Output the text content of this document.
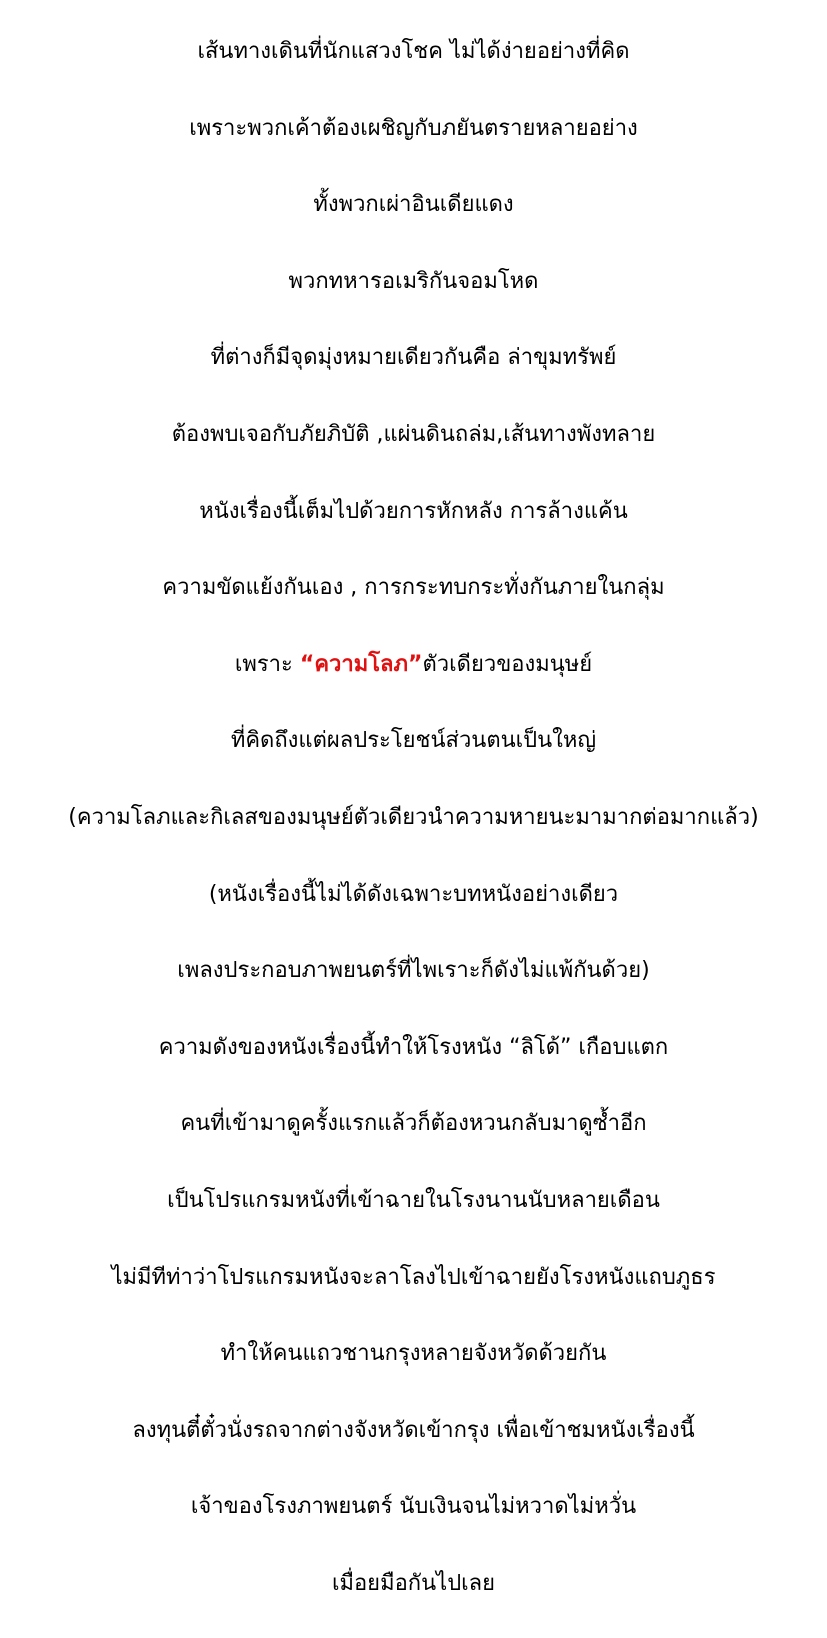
เส้นทางเดินที่นักแสวงโชค ไม่ได้ง่ายอย่างที่คิด

เพราะพวกเค้าต้องเผชิญกับภยันตรายหลายอย่าง

ทั้งพวกเผ่าอินเดียแดง

พวกทหารอเมริกันจอมโหด

ที่ต่างก็มีจุดมุ่งหมายเดียวกันคือ ล่าขุมทรัพย์

ต้องพบเจอกับภัยภิบัติ ,แผ่นดินถล่ม,เส้นทางพังทลาย

หนังเรื่องนี้เต็มไปด้วยการหักหลัง การล้างแค้น

ความขัดแย้งกันเอง , การกระทบกระทั่งกันภายในกลุ่ม

เพราะ “ความโลภ”ตัวเดียวของมนุษย์

ที่คิดถึงแต่ผลประโยชน์ส่วนตนเป็นใหญ่

(ความโลภและกิเลสของมนุษย์ตัวเดียวนำความหายนะมามากต่อมากแล้ว)

(หนังเรื่องนี้ไม่ได้ดังเฉพาะบทหนังอย่างเดียว

เพลงประกอบภาพยนตร์ที่ไพเราะก็ดังไม่แพ้กันด้วย)

ความดังของหนังเรื่องนี้ทำให้โรงหนัง “ลิโด้” เกือบแตก

คนที่เข้ามาดูครั้งแรกแล้วก็ต้องหวนกลับมาดูซ้ำอีก

เป็นโปรแกรมหนังที่เข้าฉายในโรงนานนับหลายเดือน

ไม่มีทีท่าว่าโปรแกรมหนังจะลาโลงไปเข้าฉายยังโรงหนังแถบภูธร

ทำให้คนแถวชานกรุงหลายจังหวัดด้วยกัน

ลงทุนตี๋ตั๋วนั่งรถจากต่างจังหวัดเข้ากรุง เพื่อเข้าชมหนังเรื่องนี้

เจ้าของโรงภาพยนตร์ นับเงินจนไม่หวาดไม่หวั่น

เมื่อยมือกันไปเลย
